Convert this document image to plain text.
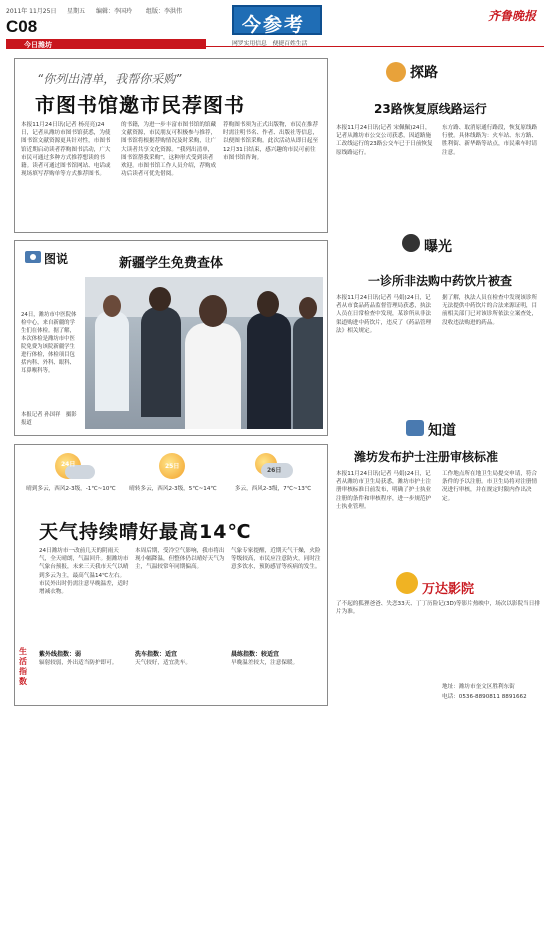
2011年 11月25日 星期五 编辑：李国玲 组版：李洪伟
C08
今日潍坊
今参考
网罗实用信息　便捷百姓生活
齐鲁晚报
“你列出清单，我帮你采购”
市图书馆邀市民荐图书
本报11月24日讯(记者 杨亮亮)24日，记者从潍坊市图书馆获悉，为使图书馆文献资源更具针对性，市图书馆近期启动读者荐购图书活动，广大市民可通过多种方式推荐想读的书籍。读者可通过图书馆网站、电话或现场填写荐购单等方式推荐图书。
的书籍，为进一步丰富市图书馆的馆藏文献资源，市民朋友可积极参与推荐，图书馆将根据荐购情况及时采购，让广大读者共享文化资源。“我列出清单，图书馆帮我采购”，这种形式受到读者欢迎。市图书馆工作人员介绍，荐购成功后读者可优先借阅。
荐购图书须为正式出版物，市民在推荐时需注明书名、作者、出版社等信息，以便图书馆采购。此次活动从即日起至12月31日结束，感兴趣的市民可前往市图书馆咨询。
图说	新疆学生免费查体
24日，潍坊市中医院体检中心，来自新疆的学生们在体检。据了解，本次体检是潍坊市中医院免费为该院新疆学生进行体检，体检项目包括内科、外科、眼科、耳鼻喉科等。
本报记者 孙国祥　摄影报道
24日
晴到多云，西风2-3级，-1℃~10℃
25日
晴转多云，西风2-3级，5℃~14℃
26日
多云，西风2-3级，7℃~13℃
天气持续晴好最高14℃
24日潍坊市一改前几天的阴雨天气，全天晴朗，气温回升。据潍坊市气象台预报，未来三天我市天气以晴到多云为主，最高气温14℃左右。市民外出时仍需注意早晚温差，适时增减衣物。
本周后期，受冷空气影响，我市将出现小幅降温，但整体仍以晴好天气为主，气温较常年同期偏高。
气象专家提醒，近期天气干燥，火险等级较高，市民应注意防火，同时注意多饮水，预防感冒等疾病的发生。
生活指数
紫外线指数：弱
辐射较弱，外出适当防护即可。
洗车指数：适宜
天气较好，适宜洗车。
晨练指数：较适宜
早晚温差较大，注意保暖。
探路
23路恢复原线路运行
本报11月24日讯(记者 宋佩佩)24日，记者从潍坊市公交公司获悉，因道路施工改线运行的23路公交车已于日前恢复原线路运行。
东方路、取消原通行路段，恢复原线路行驶。具体线路为：火车站、东方路、胜利街、新华路等站点，市民乘车时请注意。
曝光
一诊所非法购中药饮片被查
本报11月24日讯(记者 马娟)24日，记者从市食品药品监督管理局获悉，执法人员在日常检查中发现，某诊所从非法渠道购进中药饮片，违反了《药品管理法》相关规定。
据了解，执法人员在检查中发现该诊所无法提供中药饮片的合法来源证明，目前相关部门已对该诊所依法立案查处，没收违法购进的药品。
知道
潍坊发布护士注册审核标准
本报11月24日讯(记者 马娟)24日，记者从潍坊市卫生局获悉，潍坊市护士注册审核标准日前发布，明确了护士执业注册的条件和审核程序，进一步规范护士执业管理。
工作地点所在地卫生局提交申请，符合条件的予以注册。市卫生局将对注册情况进行审核，并在规定时限内作出决定。
万达影院
了不起的狐狸爸爸、失恋33天、丁丁历险记(3D)等影片热映中，场次以影院当日排片为准。
地址：潍坊市奎文区胜利东街
电话：0536-8890811 8891662
